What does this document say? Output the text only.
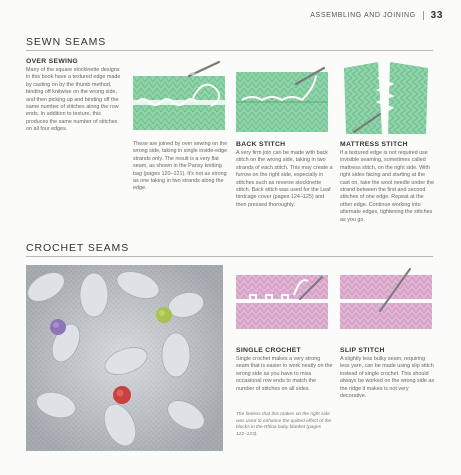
ASSEMBLING AND JOINING 33
SEWN SEAMS
OVER SEWING
Many of the square stockinette designs in this book have a textured edge made by casting on by the thumb method, binding off knitwise on the wrong side, and then picking up and binding off the same number of stitches along the row ends. In addition to texture, this produces the same number of stitches on all four edges.
These are joined by over sewing on the wrong side, taking in single inside-edge strands only. The result is a very flat seam, as shown in the Pansy knitting bag (pages 120–121). It's not as strong as one taking in two strands along the edge.
BACK STITCH
A very firm join can be made with back stitch on the wrong side, taking in two strands of each stitch. This may create a furrow on the right side, especially in stitches such as reverse stockinette stitch. Back stitch was used for the Leaf birdcage cover (pages 124–125) and then pressed thoroughly.
MATTRESS STITCH
If a textured edge is not required use invisible seaming, sometimes called mattress stitch, on the right side. With right sides facing and starting at the cast on, take the wool needle under the strand between the first and second stitches of one edge. Repeat at the other edge. Continue working into alternate edges, tightening the stitches as you go.
CROCHET SEAMS
SINGLE CROCHET
Single crochet makes a very strong seam that is easier to work neatly on the wrong side as you have to miss occasional row ends to match the number of stitches on all sides.
The fanless that this makes on the right side was used to enhance the quilted effect of the blocks in the Rhloa baby blanket (pages 122–123).
SLIP STITCH
A slightly less bulky seam, requiring less yarn, can be made using slip stitch instead of single crochet. This should always be worked on the wrong side as the ridge it makes is not very decorative.
